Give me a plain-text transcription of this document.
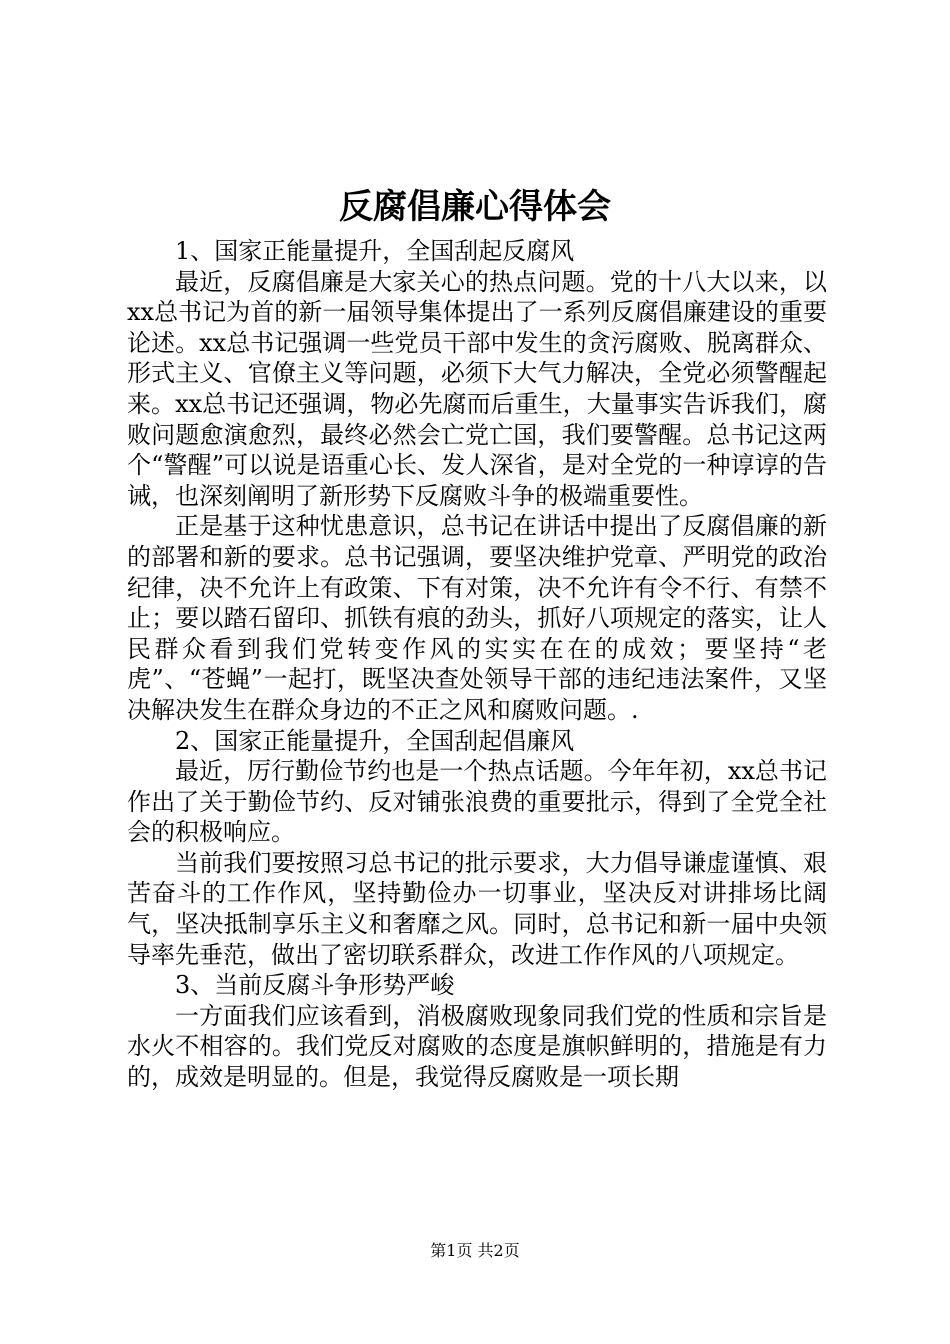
反腐倡廉心得体会

1、国家正能量提升，全国刮起反腐风

最近，反腐倡廉是大家关心的热点问题。党的十八大以来，以xx总书记为首的新一届领导集体提出了一系列反腐倡廉建设的重要论述。xx总书记强调一些党员干部中发生的贪污腐败、脱离群众、形式主义、官僚主义等问题，必须下大气力解决，全党必须警醒起来。xx总书记还强调，物必先腐而后重生，大量事实告诉我们，腐败问题愈演愈烈，最终必然会亡党亡国，我们要警醒。总书记这两个“警醒”可以说是语重心长、发人深省，是对全党的一种谆谆的告诫，也深刻阐明了新形势下反腐败斗争的极端重要性。

正是基于这种忧患意识，总书记在讲话中提出了反腐倡廉的新的部署和新的要求。总书记强调，要坚决维护党章、严明党的政治纪律，决不允许上有政策、下有对策，决不允许有令不行、有禁不止；要以踏石留印、抓铁有痕的劲头，抓好八项规定的落实，让人民群众看到我们党转变作风的实实在在的成效；要坚持“老虎”、“苍蝇”一起打，既坚决查处领导干部的违纪违法案件，又坚决解决发生在群众身边的不正之风和腐败问题。.

2、国家正能量提升，全国刮起倡廉风

最近，厉行勤俭节约也是一个热点话题。今年年初，xx总书记作出了关于勤俭节约、反对铺张浪费的重要批示，得到了全党全社会的积极响应。

当前我们要按照习总书记的批示要求，大力倡导谦虚谨慎、艰苦奋斗的工作作风，坚持勤俭办一切事业，坚决反对讲排场比阔气，坚决抵制享乐主义和奢靡之风。同时，总书记和新一届中央领导率先垂范，做出了密切联系群众，改进工作作风的八项规定。

3、当前反腐斗争形势严峻

一方面我们应该看到，消极腐败现象同我们党的性质和宗旨是水火不相容的。我们党反对腐败的态度是旗帜鲜明的，措施是有力的，成效是明显的。但是，我觉得反腐败是一项长期

第1页 共2页
